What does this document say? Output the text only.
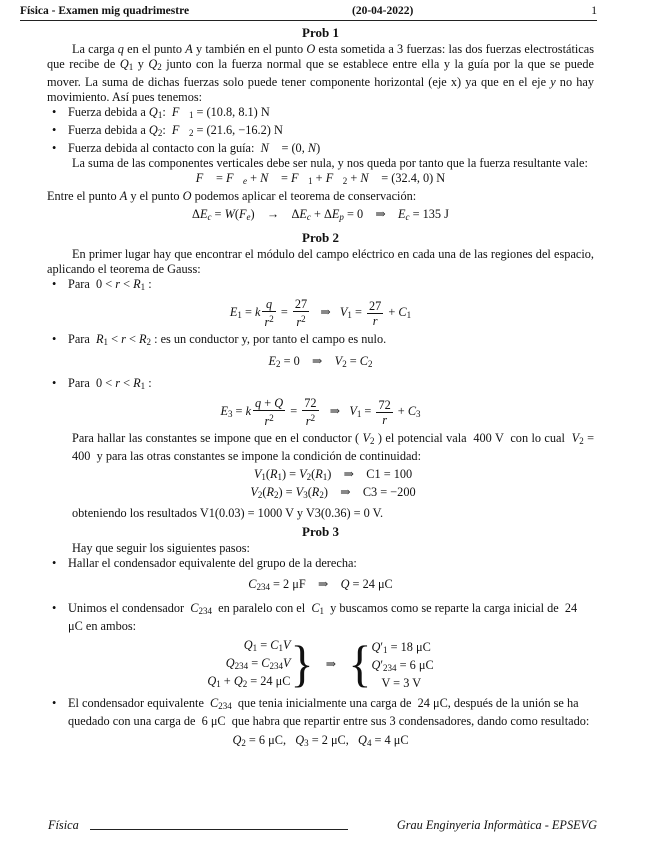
Física - Examen mig quadrimestre	(20-04-2022)	1
Prob 1

La carga q en el punto A y también en el punto O esta sometida a 3 fuerzas: las dos fuerzas electrostáticas que recibe de $Q_1$ y $Q_2$ junto con la fuerza normal que se establece entre ella y la guía por la que se puede mover. La suma de dichas fuerzas solo puede tener componente horizontal (eje x) ya que en el eje y no hay movimiento. Así pues tenemos:

• Fuerza debida a $Q_1$:  $F⃗_1 = (10.8$, 8.1) N
• Fuerza debida a $Q_2$:  $F⃗_2 = (21.6$, −16.2) N
• Fuerza debida al contacto con la guía: N⃗ = (0, N)

La suma de las componentes verticales debe ser nula, y nos queda por tanto que la fuerza resultante vale:

F⃗ = $F⃗_e$ + N⃗ = $F⃗_1$ + $F⃗_2$ + N⃗ = (32.4, 0) N

Entre el punto A y el punto O podemos aplicar el teorema de conservación:

$\Delta E_c = W(F_e)$    →    $\Delta E_c + \Delta E_p = 0$    ⇒    $E_c = 135$ J
Prob 2

En primer lugar hay que encontrar el módulo del campo eléctrico en cada una de las regiones del espacio, aplicando el teorema de Gauss:

• Para  $0 < r < R_1$ :
$E_1 = k \frac{q}{r^2} = \frac{27}{r^2}$ ⇒   $V_1 = \frac{27}{r} + C_1$
• Para  $R_1 < r < R_2$ : es un conductor y, por tanto el campo es nulo.
$E_2 = 0$    ⇒    $V_2 = C_2$
• Para  $0 < r < R_1$ :
$E_3 = k \frac{q + Q}{r^2} = \frac{72}{r^2}$ ⇒   $V_1 = \frac{72}{r} + C_3$

Para hallar las constantes se impone que en el conductor ( $V_2$ ) el potencial vala  400 V  con lo cual  $V_2 = 400$  y para las otras constantes se impone la condición de continuidad:

$V_1(R_1) = V_2(R_1)$    ⇒    C1 = 100
$V_2(R_2) = V_3(R_2)$    ⇒    C3 = −200

obteniendo los resultados V1(0.03) = 1000 V y V3(0.36) = 0 V.

Prob 3

Hay que seguir los siguientes pasos:

• Hallar el condensador equivalente del grupo de la derecha:
$C_{234} = 2$ μF    ⇒    Q = 24 μC
• Unimos el condensador  $C_{234}$  en paralelo con el  $C_1$  y buscamos como se reparte la carga inicial de  24 μC en ambos:
$Q_1 = C_1V$
$Q_{234} = C_{234}V$
$Q_1 + Q_2 = 24$ μC }    ⇒    { $Q'_1 = 18$ μC
$Q'_{234} = 6$ μC
V = 3 V
• El condensador equivalente  $C_{234}$  que tenia inicialmente una carga de  24 μC, después de la unión se ha quedado con una carga de  6 μC  que habra que repartir entre sus 3 condensadores, dando como resultado:
$Q_2 = 6$ μC,   $Q_3 = 2$ μC,   $Q_4 = 4$ μC
Física	Grau Enginyeria Informàtica - EPSEVG
